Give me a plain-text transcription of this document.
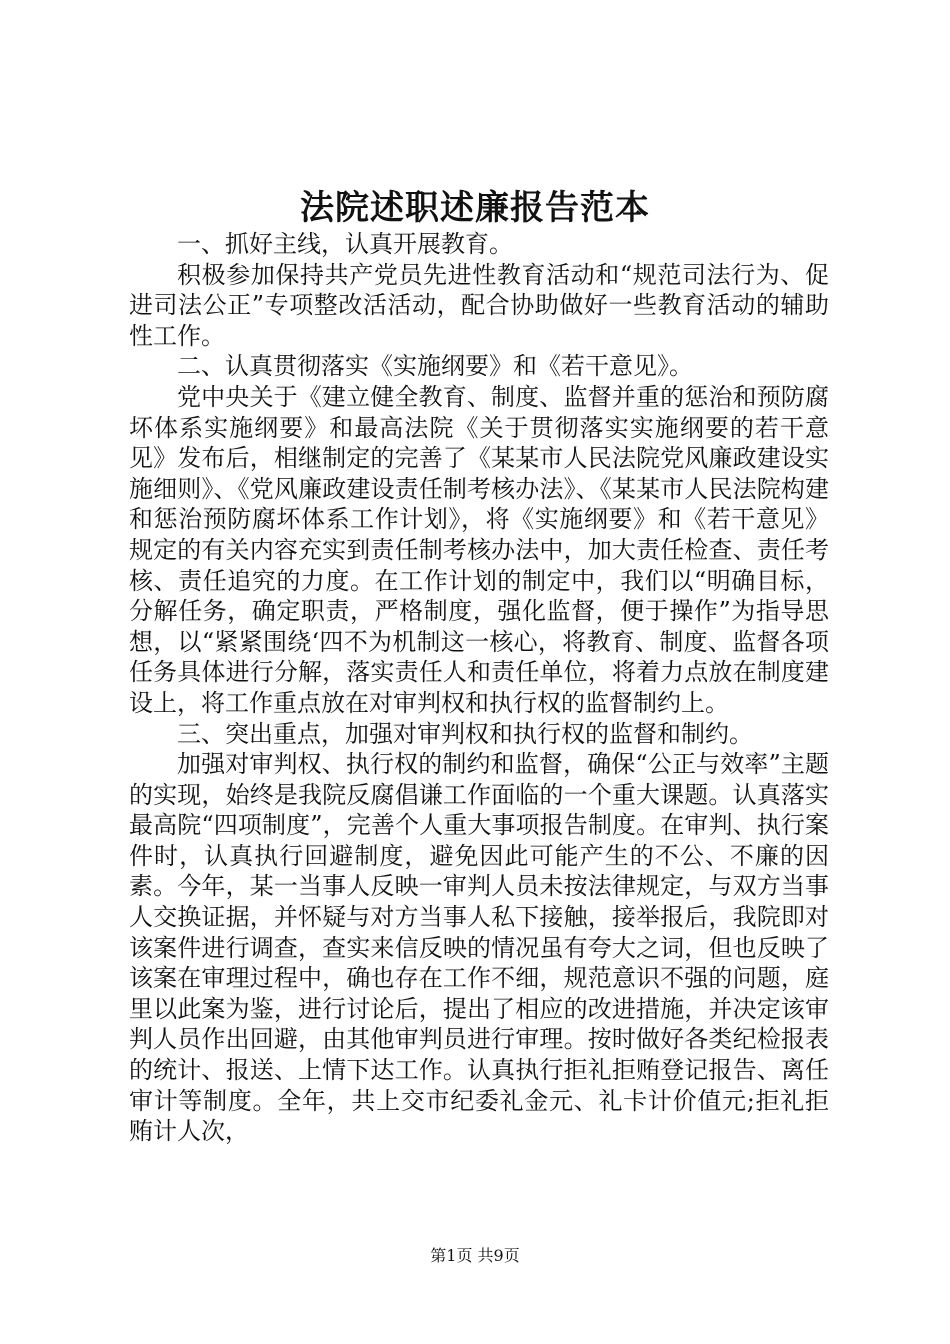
法院述职述廉报告范本

一、抓好主线，认真开展教育。

积极参加保持共产党员先进性教育活动和“规范司法行为、促进司法公正”专项整改活活动，配合协助做好一些教育活动的辅助性工作。

二、认真贯彻落实《实施纲要》和《若干意见》。

党中央关于《建立健全教育、制度、监督并重的惩治和预防腐坏体系实施纲要》和最高法院《关于贯彻落实实施纲要的若干意见》发布后，相继制定的完善了《某某市人民法院党风廉政建设实施细则》、《党风廉政建设责任制考核办法》、《某某市人民法院构建和惩治预防腐坏体系工作计划》，将《实施纲要》和《若干意见》规定的有关内容充实到责任制考核办法中，加大责任检查、责任考核、责任追究的力度。在工作计划的制定中，我们以“明确目标，分解任务，确定职责，严格制度，强化监督，便于操作”为指导思想，以“紧紧围绕‘四不为机制这一核心，将教育、制度、监督各项任务具体进行分解，落实责任人和责任单位，将着力点放在制度建设上，将工作重点放在对审判权和执行权的监督制约上。

三、突出重点，加强对审判权和执行权的监督和制约。

加强对审判权、执行权的制约和监督，确保“公正与效率”主题的实现，始终是我院反腐倡谦工作面临的一个重大课题。认真落实最高院“四项制度”，完善个人重大事项报告制度。在审判、执行案件时，认真执行回避制度，避免因此可能产生的不公、不廉的因素。今年，某一当事人反映一审判人员未按法律规定，与双方当事人交换证据，并怀疑与对方当事人私下接触，接举报后，我院即对该案件进行调查，查实来信反映的情况虽有夸大之词，但也反映了该案在审理过程中，确也存在工作不细，规范意识不强的问题，庭里以此案为鉴，进行讨论后，提出了相应的改进措施，并决定该审判人员作出回避，由其他审判员进行审理。按时做好各类纪检报表的统计、报送、上情下达工作。认真执行拒礼拒贿登记报告、离任审计等制度。全年，共上交市纪委礼金元、礼卡计价值元;拒礼拒贿计人次，

第1页 共9页
